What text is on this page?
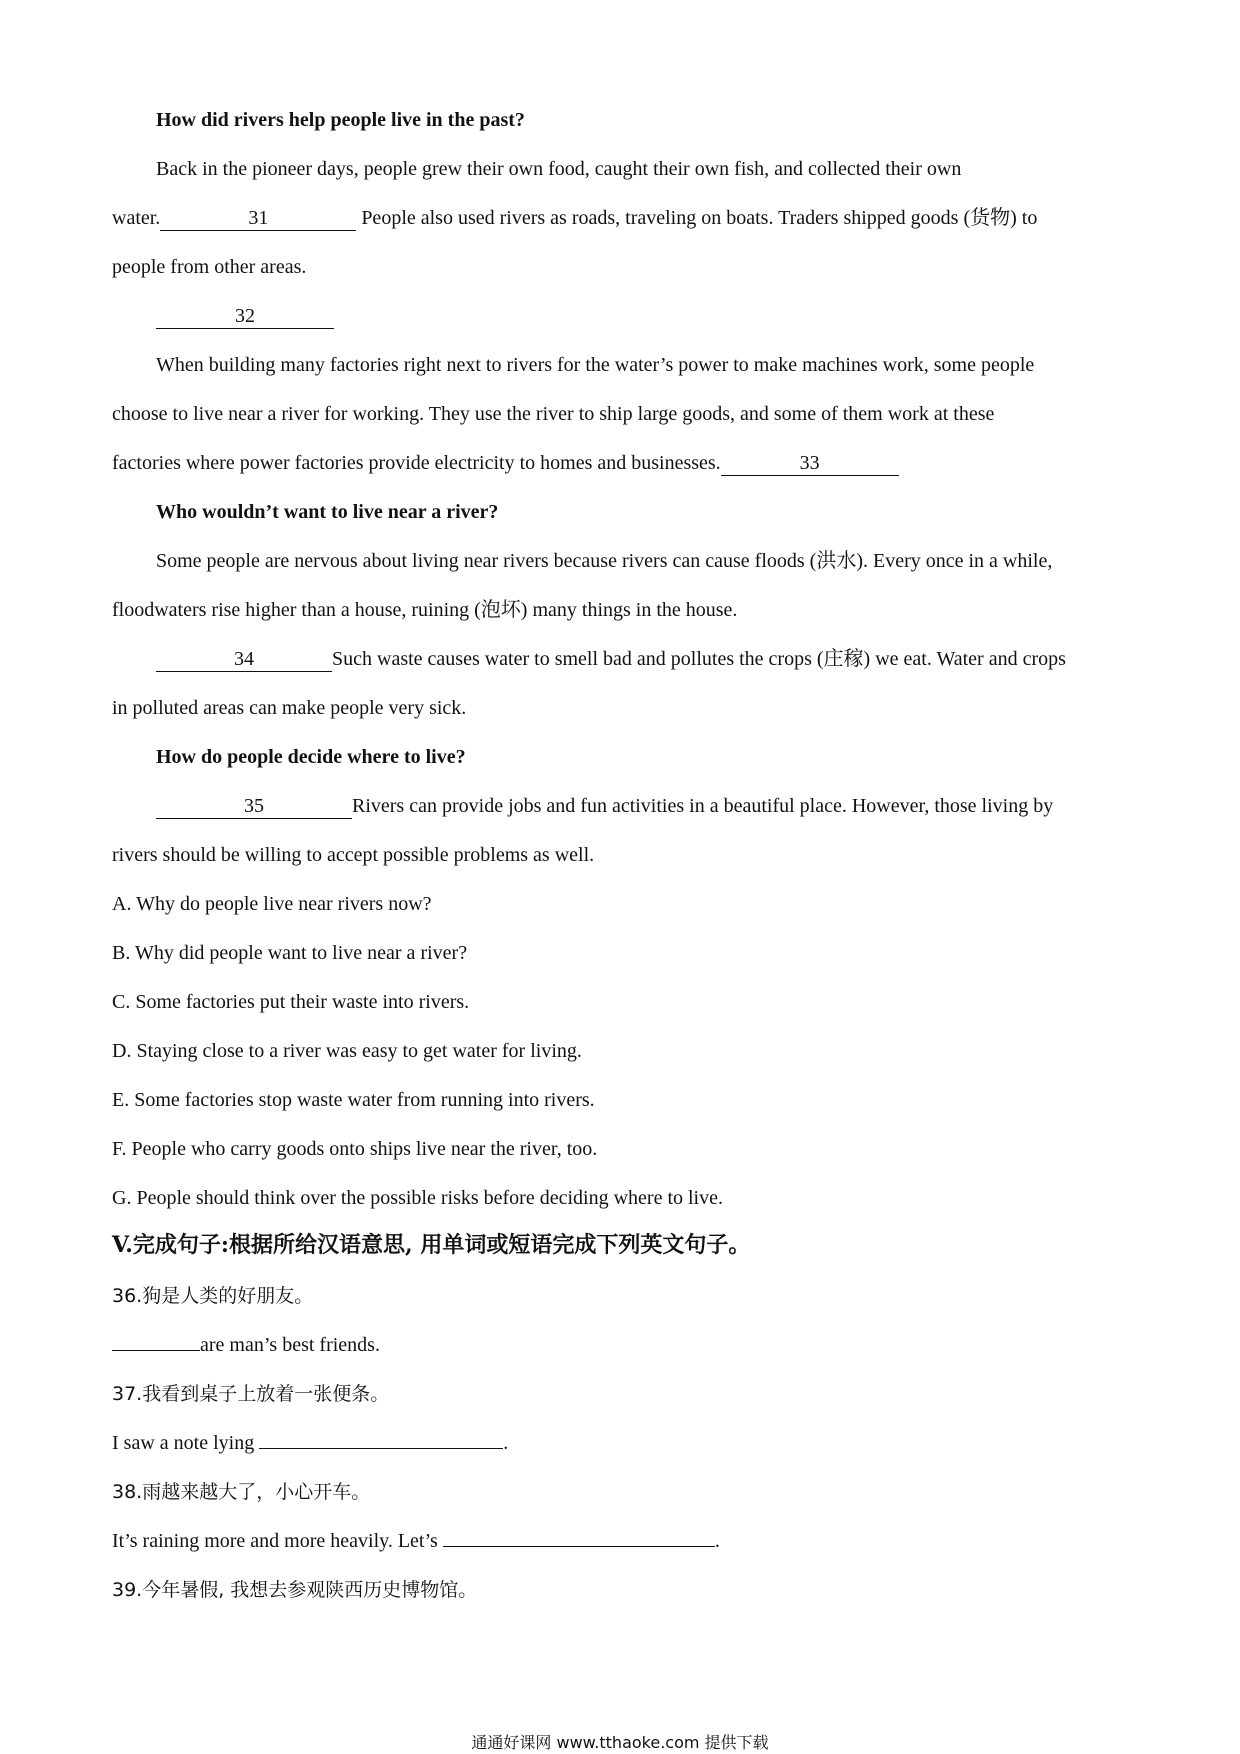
How did rivers help people live in the past?
Back in the pioneer days, people grew their own food, caught their own fish, and collected their own
water.	31	People also used rivers as roads, traveling on boats. Traders shipped goods (货物) to
people from other areas.
32
When building many factories right next to rivers for the water’s power to make machines work, some people
choose to live near a river for working. They use the river to ship large goods, and some of them work at these
factories where power factories provide electricity to homes and businesses.	33
Who wouldn’t want to live near a river?
Some people are nervous about living near rivers because rivers can cause floods (洪水). Every once in a while,
floodwaters rise higher than a house, ruining (泡坏) many things in the house.
34	Such waste causes water to smell bad and pollutes the crops (庄稼) we eat. Water and crops
in polluted areas can make people very sick.
How do people decide where to live?
35	Rivers can provide jobs and fun activities in a beautiful place. However, those living by
rivers should be willing to accept possible problems as well.
A. Why do people live near rivers now?
B. Why did people want to live near a river?
C. Some factories put their waste into rivers.
D. Staying close to a river was easy to get water for living.
E. Some factories stop waste water from running into rivers.
F. People who carry goods onto ships live near the river, too.
G. People should think over the possible risks before deciding where to live.
V.完成句子:根据所给汉语意思, 用单词或短语完成下列英文句子。
36.狗是人类的好朋友。
are man’s best friends.
37.我看到桌子上放着一张便条。
I saw a note lying	.
38.雨越来越大了，小心开车。
It’s raining more and more heavily. Let’s	.
39.今年暑假, 我想去参观陕西历史博物馆。
通通好课网 www.tthaoke.com 提供下载
